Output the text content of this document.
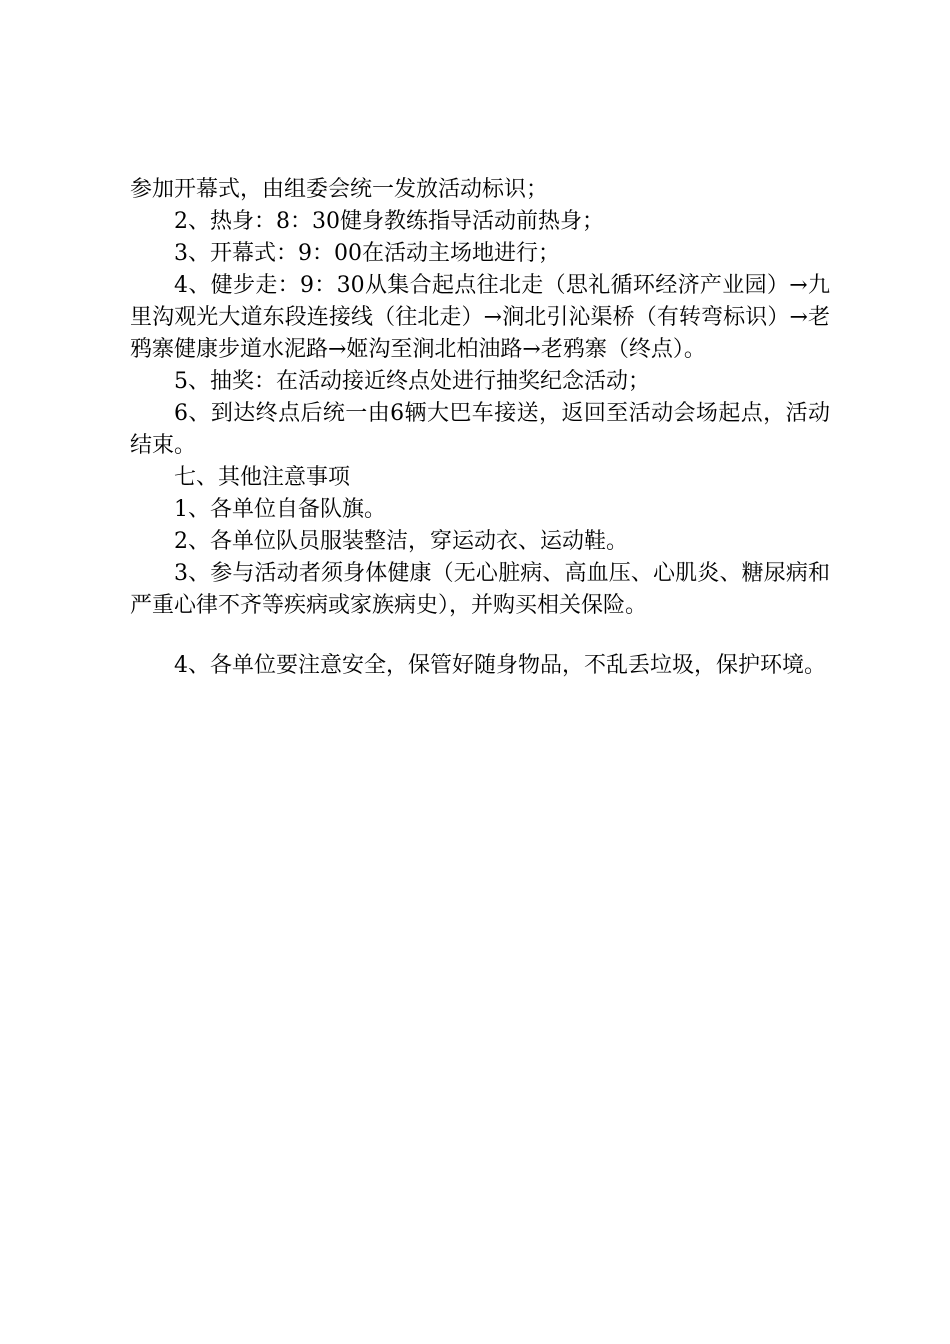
参加开幕式，由组委会统一发放活动标识；

2、热身：8：30健身教练指导活动前热身；

3、开幕式：9：00在活动主场地进行；

4、健步走：9：30从集合起点往北走（思礼循环经济产业园）→九里沟观光大道东段连接线（往北走）→涧北引沁渠桥（有转弯标识）→老鸦寨健康步道水泥路→姬沟至涧北柏油路→老鸦寨（终点）。

5、抽奖：在活动接近终点处进行抽奖纪念活动；

6、到达终点后统一由6辆大巴车接送，返回至活动会场起点，活动结束。

七、其他注意事项

1、各单位自备队旗。

2、各单位队员服装整洁，穿运动衣、运动鞋。

3、参与活动者须身体健康（无心脏病、高血压、心肌炎、糖尿病和严重心律不齐等疾病或家族病史），并购买相关保险。

4、各单位要注意安全，保管好随身物品，不乱丢垃圾，保护环境。
